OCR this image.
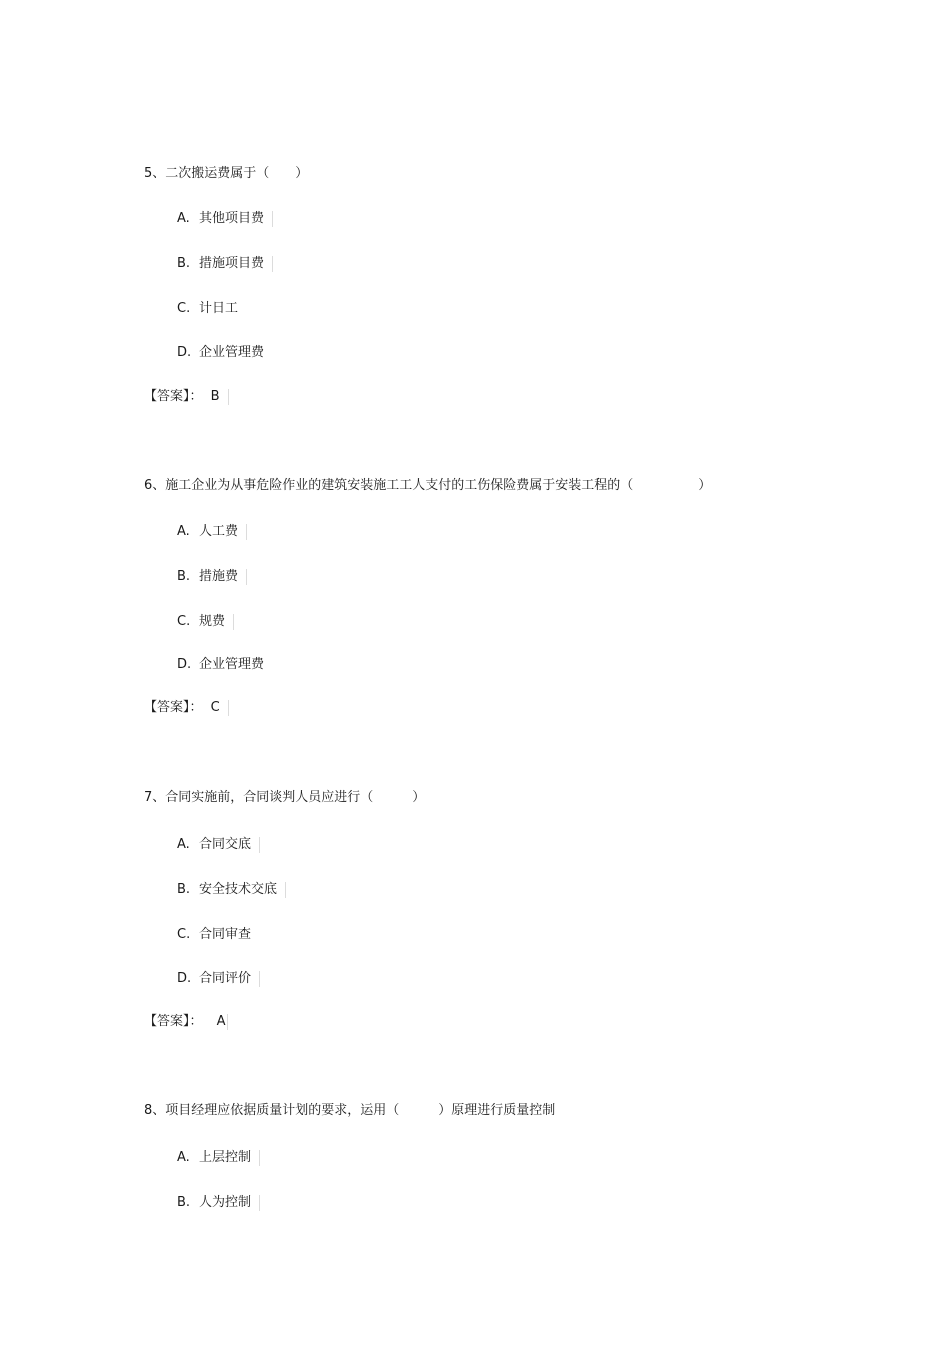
5、二次搬运费属于（　　）
A. 其他项目费
B. 措施项目费
C. 计日工
D. 企业管理费
【答案】： B
6、施工企业为从事危险作业的建筑安装施工工人支付的工伤保险费属于安装工程的（　　　　　）
A. 人工费
B. 措施费
C. 规费
D. 企业管理费
【答案】： C
7、合同实施前，合同谈判人员应进行（　　　）
A. 合同交底
B. 安全技术交底
C. 合同审查
D. 合同评价
【答案】： A
8、项目经理应依据质量计划的要求，运用（　　　）原理进行质量控制
A. 上层控制
B. 人为控制
